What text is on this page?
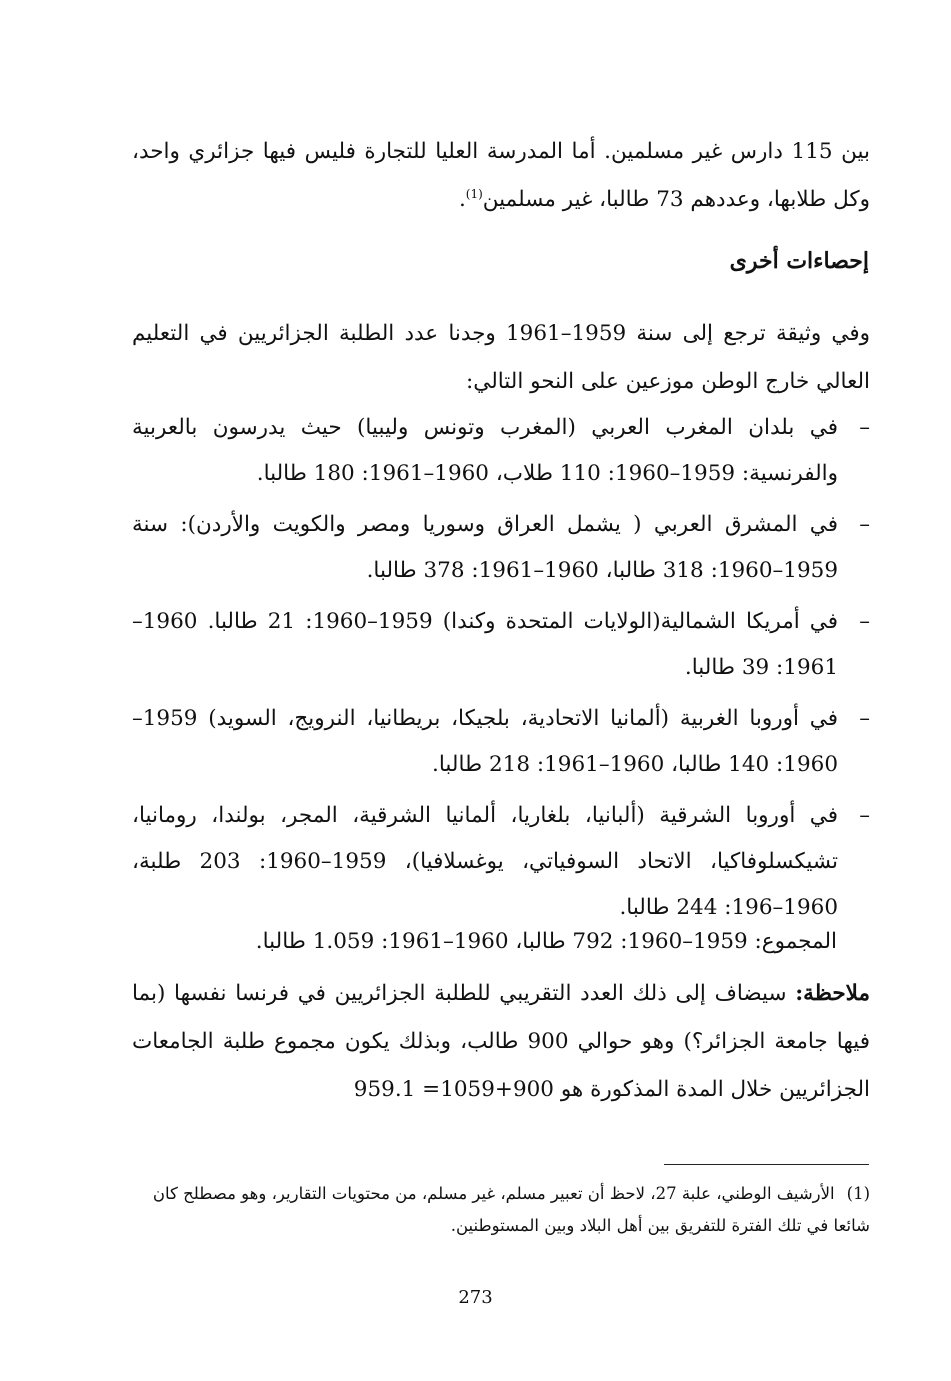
بين 115 دارس غير مسلمين. أما المدرسة العليا للتجارة فليس فيها جزائري واحد، وكل طلابها، وعددهم 73 طالبا، غير مسلمين$^{(1)}$.

إحصاءات أخرى

وفي وثيقة ترجع إلى سنة 1959–1961 وجدنا عدد الطلبة الجزائريين في التعليم العالي خارج الوطن موزعين على النحو التالي:

–
في بلدان المغرب العربي (المغرب وتونس وليبيا) حيث يدرسون بالعربية والفرنسية: 1959–1960: 110 طلاب، 1960–1961: 180 طالبا.
–
في المشرق العربي ( يشمل العراق وسوريا ومصر والكويت والأردن): سنة 1959–1960: 318 طالبا، 1960–1961: 378 طالبا.
–
في أمريكا الشمالية(الولايات المتحدة وكندا) 1959–1960: 21 طالبا. 1960–1961: 39 طالبا.
–
في أوروبا الغربية (ألمانيا الاتحادية، بلجيكا، بريطانيا، النرويج، السويد) 1959–1960: 140 طالبا، 1960–1961: 218 طالبا.
–
في أوروبا الشرقية (ألبانيا، بلغاريا، ألمانيا الشرقية، المجر، بولندا، رومانيا، تشيكسلوفاكيا، الاتحاد السوفياتي، يوغسلافيا)، 1959–1960: 203 طلبة، 1960–196: 244 طالبا.

المجموع: 1959–1960: 792 طالبا، 1960–1961: 1.059 طالبا.

ملاحظة: سيضاف إلى ذلك العدد التقريبي للطلبة الجزائريين في فرنسا نفسها (بما فيها جامعة الجزائر؟) وهو حوالي 900 طالب، وبذلك يكون مجموع طلبة الجامعات الجزائريين خلال المدة المذكورة هو 900+1059= 959.1

(1)الأرشيف الوطني، علبة 27، لاحظ أن تعبير مسلم، غير مسلم، من محتويات التقارير، وهو مصطلح كان شائعا في تلك الفترة للتفريق بين أهل البلاد وبين المستوطنين.

273
